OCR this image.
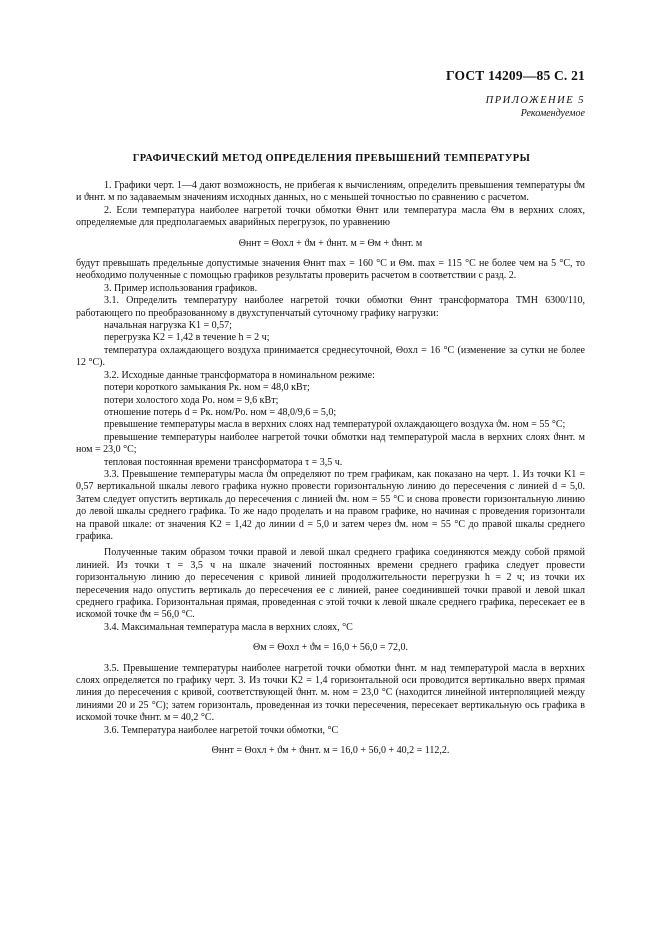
ГОСТ 14209—85 С. 21
ПРИЛОЖЕНИЕ 5
Рекомендуемое
ГРАФИЧЕСКИЙ МЕТОД ОПРЕДЕЛЕНИЯ ПРЕВЫШЕНИЙ ТЕМПЕРАТУРЫ

1. Графики черт. 1—4 дают возможность, не прибегая к вычислениям, определить превышения температуры ϑм и ϑннт. м по задаваемым значениям исходных данных, но с меньшей точностью по сравнению с расчетом.

2. Если температура наиболее нагретой точки обмотки Θннт или температура масла Θм в верхних слоях, определяемые для предполагаемых аварийных перегрузок, по уравнению

Θннт = Θохл + ϑм + ϑннт. м = Θм + ϑннт. м

будут превышать предельные допустимые значения Θннт max = 160 °С и Θм. max = 115 °С не более чем на 5 °С, то необходимо полученные с помощью графиков результаты проверить расчетом в соответствии с разд. 2.

3. Пример использования графиков.

3.1. Определить температуру наиболее нагретой точки обмотки Θннт трансформатора ТМН 6300/110, работающего по преобразованному в двухступенчатый суточному графику нагрузки:

начальная нагрузка K1 = 0,57;

перегрузка K2 = 1,42 в течение h = 2 ч;

температура охлаждающего воздуха принимается среднесуточной, Θохл = 16 °С (изменение за сутки не более 12 °С).

3.2. Исходные данные трансформатора в номинальном режиме:

потери короткого замыкания Pк. ном = 48,0 кВт;

потери холостого хода Pо. ном = 9,6 кВт;

отношение потерь d = Pк. ном/Pо. ном = 48,0/9,6 = 5,0;

превышение температуры масла в верхних слоях над температурой охлаждающего воздуха ϑм. ном = 55 °С;

превышение температуры наиболее нагретой точки обмотки над температурой масла в верхних слоях ϑннт. м ном = 23,0 °С;

тепловая постоянная времени трансформатора τ = 3,5 ч.

3.3. Превышение температуры масла ϑм определяют по трем графикам, как показано на черт. 1. Из точки K1 = 0,57 вертикальной шкалы левого графика нужно провести горизонтальную линию до пересечения с линией d = 5,0. Затем следует опустить вертикаль до пересечения с линией ϑм. ном = 55 °С и снова провести горизонтальную линию до левой шкалы среднего графика. То же надо проделать и на правом графике, но начиная с проведения горизонтали на правой шкале: от значения K2 = 1,42 до линии d = 5,0 и затем через ϑм. ном = 55 °С до правой шкалы среднего графика.

Полученные таким образом точки правой и левой шкал среднего графика соединяются между собой прямой линией. Из точки τ = 3,5 ч на шкале значений постоянных времени среднего графика следует провести горизонтальную линию до пересечения с кривой линией продолжительности перегрузки h = 2 ч; из точки их пересечения надо опустить вертикаль до пересечения ее с линией, ранее соединившей точки правой и левой шкал среднего графика. Горизонтальная прямая, проведенная с этой точки к левой шкале среднего графика, пересекает ее в искомой точке ϑм = 56,0 °С.

3.4. Максимальная температура масла в верхних слоях, °С

Θм = Θохл + ϑм = 16,0 + 56,0 = 72,0.

3.5. Превышение температуры наиболее нагретой точки обмотки ϑннт. м над температурой масла в верхних слоях определяется по графику черт. 3. Из точки K2 = 1,4 горизонтальной оси проводится вертикально вверх прямая линия до пересечения с кривой, соответствующей ϑннт. м. ном = 23,0 °С (находится линейной интерполяцией между линиями 20 и 25 °С); затем горизонталь, проведенная из точки пересечения, пересекает вертикальную ось графика в искомой точке ϑннт. м = 40,2 °С.

3.6. Температура наиболее нагретой точки обмотки, °С

Θннт = Θохл + ϑм + ϑннт. м = 16,0 + 56,0 + 40,2 = 112,2.
